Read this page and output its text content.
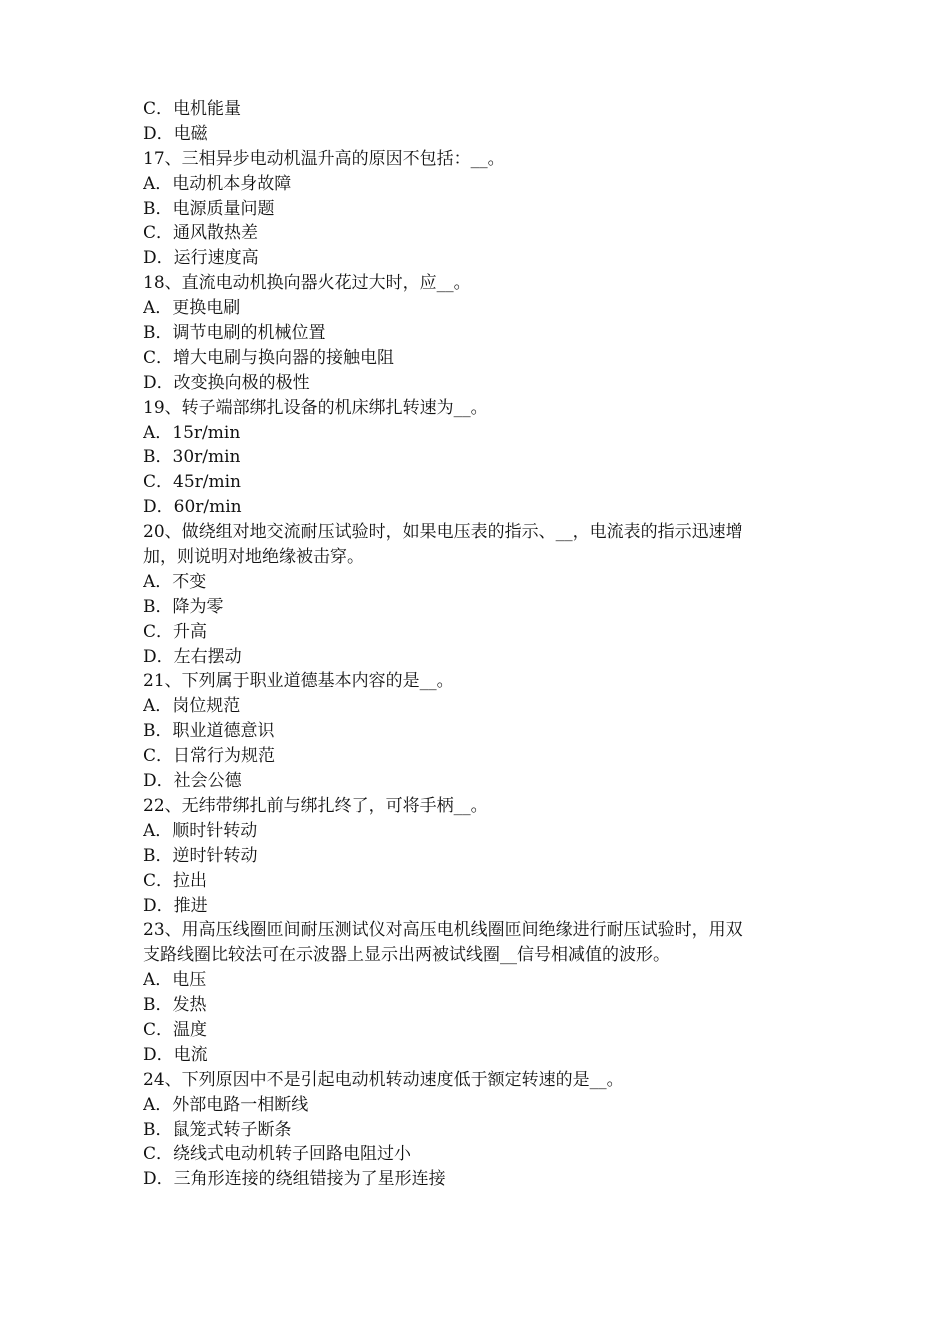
C．电机能量
D．电磁
17、三相异步电动机温升高的原因不包括：__。
A．电动机本身故障
B．电源质量问题
C．通风散热差
D．运行速度高
18、直流电动机换向器火花过大时，应__。
A．更换电刷
B．调节电刷的机械位置
C．增大电刷与换向器的接触电阻
D．改变换向极的极性
19、转子端部绑扎设备的机床绑扎转速为__。
A．15r/min
B．30r/min
C．45r/min
D．60r/min
20、做绕组对地交流耐压试验时，如果电压表的指示、__，电流表的指示迅速增
加，则说明对地绝缘被击穿。
A．不变
B．降为零
C．升高
D．左右摆动
21、下列属于职业道德基本内容的是__。
A．岗位规范
B．职业道德意识
C．日常行为规范
D．社会公德
22、无纬带绑扎前与绑扎终了，可将手柄__。
A．顺时针转动
B．逆时针转动
C．拉出
D．推进
23、用高压线圈匝间耐压测试仪对高压电机线圈匝间绝缘进行耐压试验时，用双
支路线圈比较法可在示波器上显示出两被试线圈__信号相减值的波形。
A．电压
B．发热
C．温度
D．电流
24、下列原因中不是引起电动机转动速度低于额定转速的是__。
A．外部电路一相断线
B．鼠笼式转子断条
C．绕线式电动机转子回路电阻过小
D．三角形连接的绕组错接为了星形连接
